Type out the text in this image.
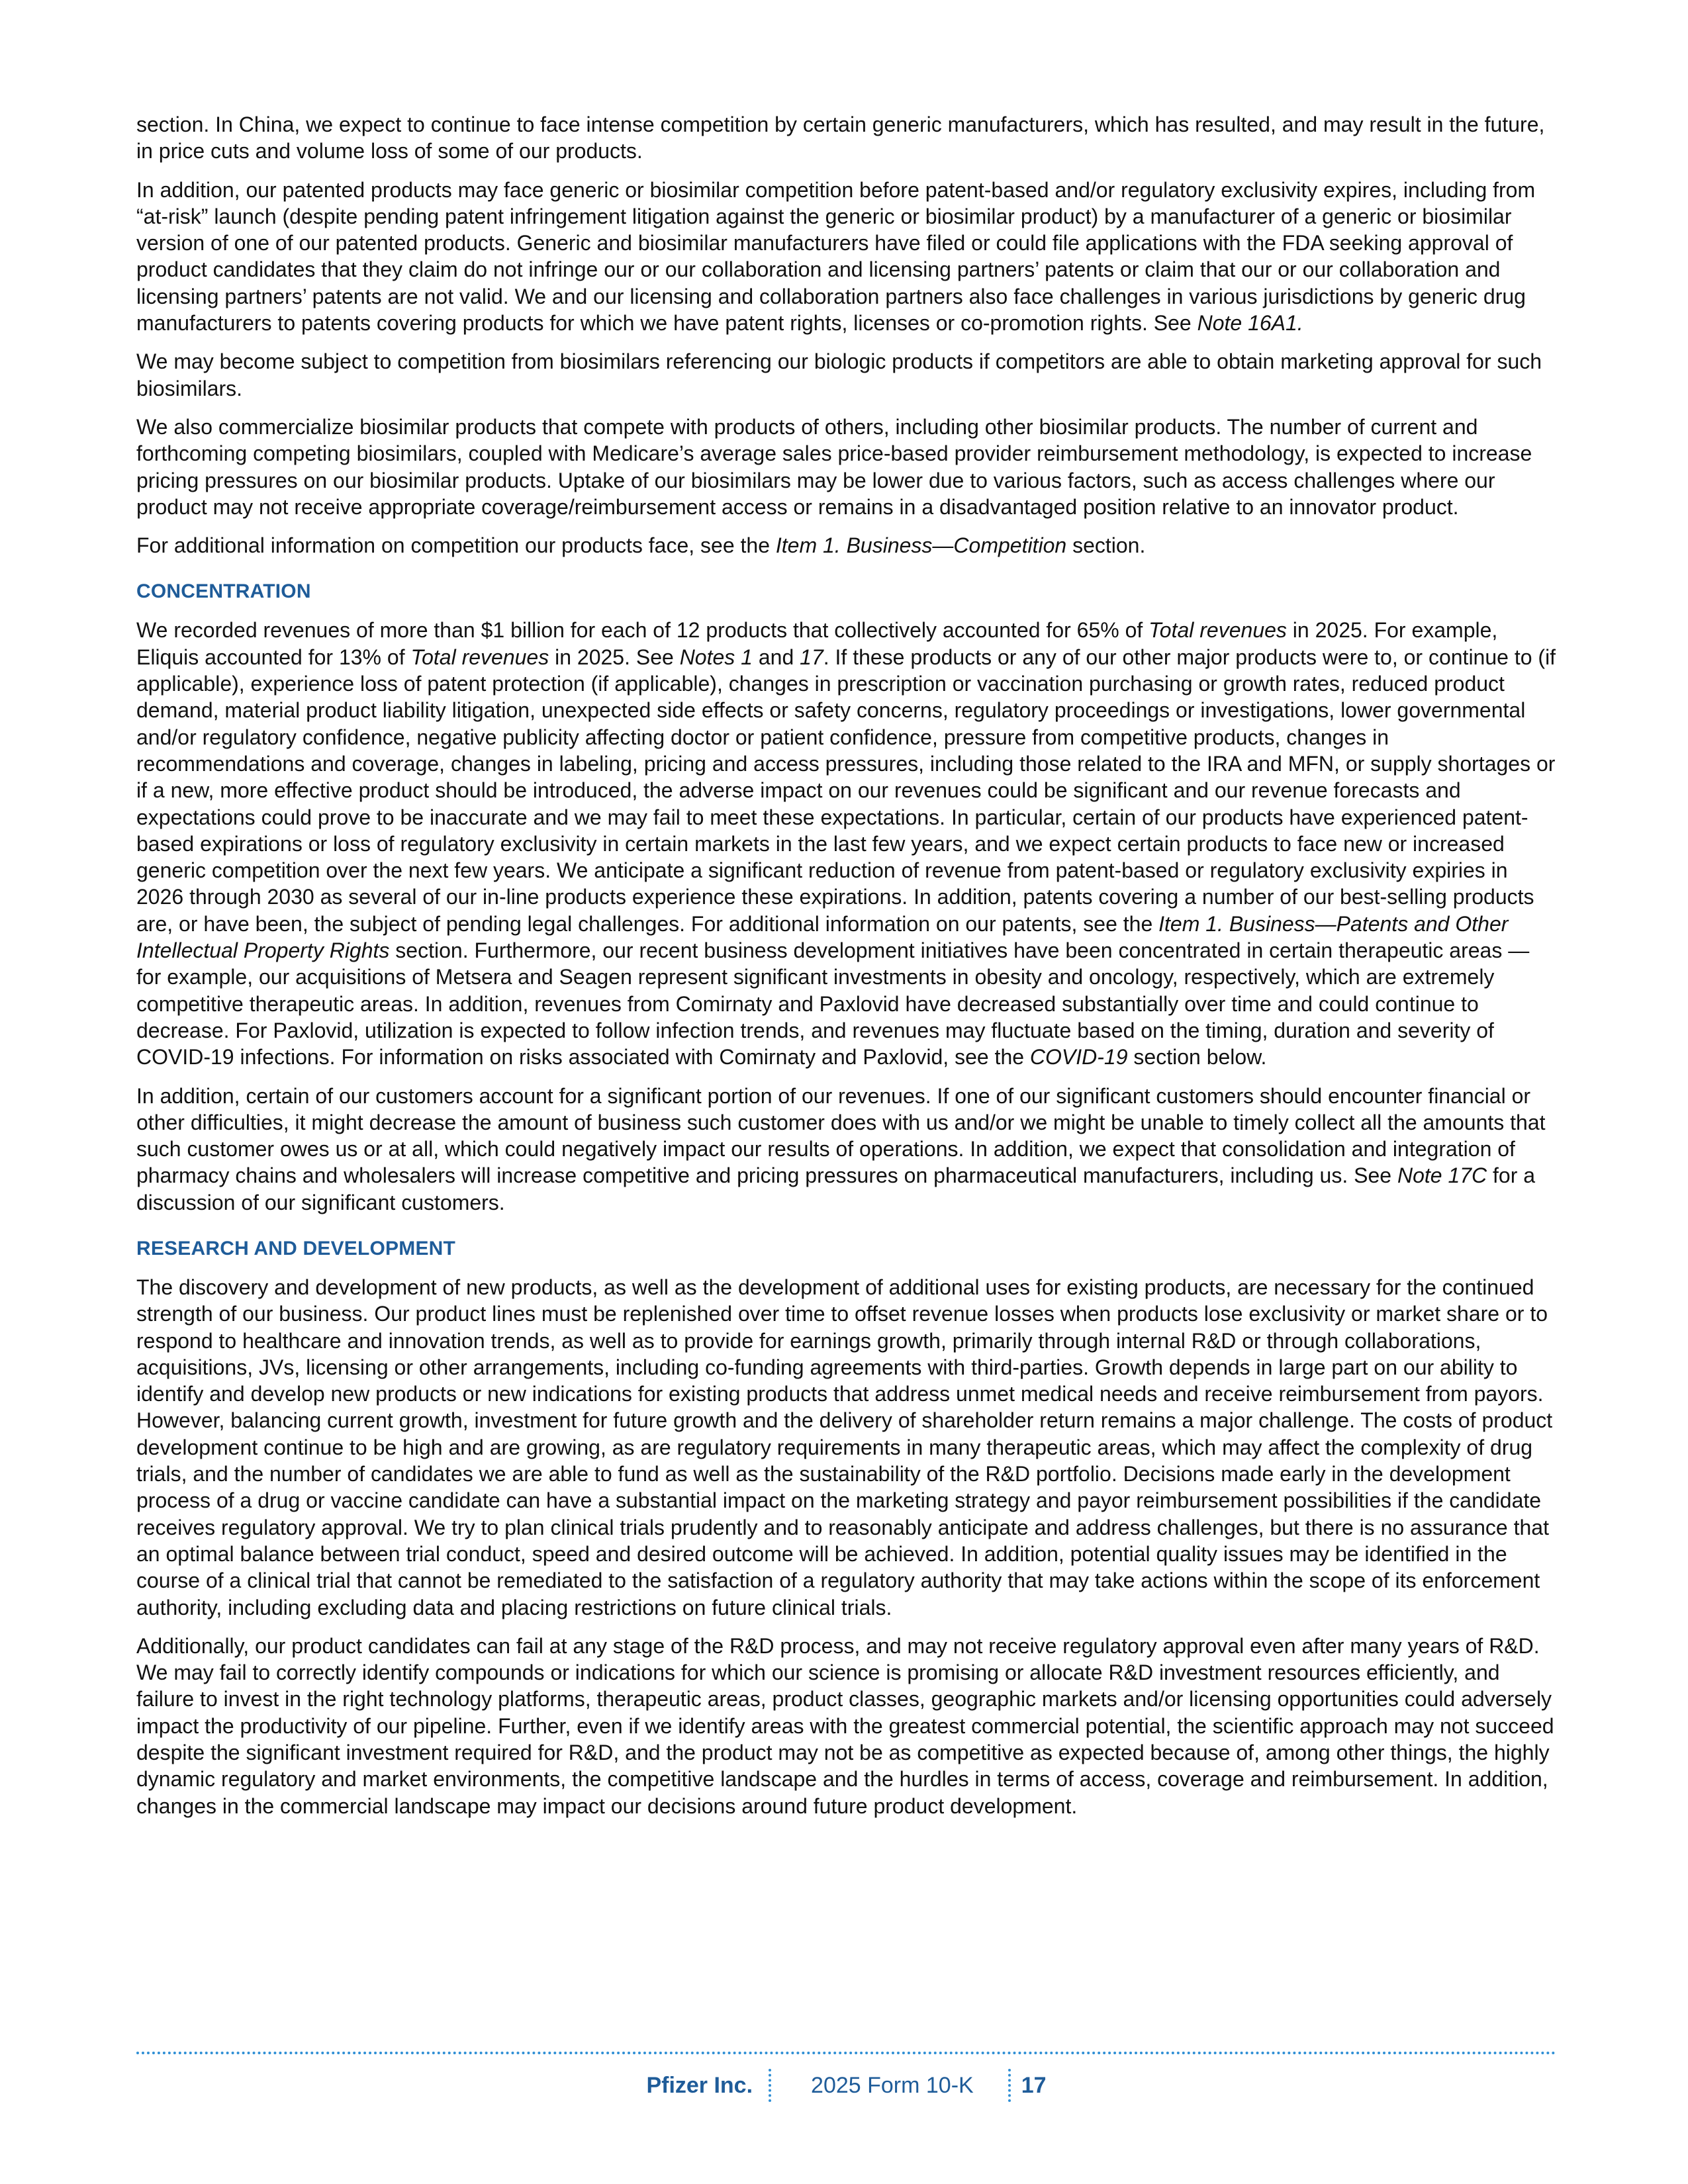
section. In China, we expect to continue to face intense competition by certain generic manufacturers, which has resulted, and may result in the future, in price cuts and volume loss of some of our products.

In addition, our patented products may face generic or biosimilar competition before patent-based and/or regulatory exclusivity expires, including from “at-risk” launch (despite pending patent infringement litigation against the generic or biosimilar product) by a manufacturer of a generic or biosimilar version of one of our patented products. Generic and biosimilar manufacturers have filed or could file applications with the FDA seeking approval of product candidates that they claim do not infringe our or our collaboration and licensing partners’ patents or claim that our or our collaboration and licensing partners’ patents are not valid. We and our licensing and collaboration partners also face challenges in various jurisdictions by generic drug manufacturers to patents covering products for which we have patent rights, licenses or co-promotion rights. See Note 16A1.

We may become subject to competition from biosimilars referencing our biologic products if competitors are able to obtain marketing approval for such biosimilars.

We also commercialize biosimilar products that compete with products of others, including other biosimilar products. The number of current and forthcoming competing biosimilars, coupled with Medicare’s average sales price-based provider reimbursement methodology, is expected to increase pricing pressures on our biosimilar products. Uptake of our biosimilars may be lower due to various factors, such as access challenges where our product may not receive appropriate coverage/reimbursement access or remains in a disadvantaged position relative to an innovator product.

For additional information on competition our products face, see the Item 1. Business—Competition section.

CONCENTRATION

We recorded revenues of more than $1 billion for each of 12 products that collectively accounted for 65% of Total revenues in 2025. For example, Eliquis accounted for 13% of Total revenues in 2025. See Notes 1 and 17. If these products or any of our other major products were to, or continue to (if applicable), experience loss of patent protection (if applicable), changes in prescription or vaccination purchasing or growth rates, reduced product demand, material product liability litigation, unexpected side effects or safety concerns, regulatory proceedings or investigations, lower governmental and/or regulatory confidence, negative publicity affecting doctor or patient confidence, pressure from competitive products, changes in recommendations and coverage, changes in labeling, pricing and access pressures, including those related to the IRA and MFN, or supply shortages or if a new, more effective product should be introduced, the adverse impact on our revenues could be significant and our revenue forecasts and expectations could prove to be inaccurate and we may fail to meet these expectations. In particular, certain of our products have experienced patent-based expirations or loss of regulatory exclusivity in certain markets in the last few years, and we expect certain products to face new or increased generic competition over the next few years. We anticipate a significant reduction of revenue from patent-based or regulatory exclusivity expiries in 2026 through 2030 as several of our in-line products experience these expirations. In addition, patents covering a number of our best-selling products are, or have been, the subject of pending legal challenges. For additional information on our patents, see the Item 1. Business—Patents and Other Intellectual Property Rights section. Furthermore, our recent business development initiatives have been concentrated in certain therapeutic areas — for example, our acquisitions of Metsera and Seagen represent significant investments in obesity and oncology, respectively, which are extremely competitive therapeutic areas. In addition, revenues from Comirnaty and Paxlovid have decreased substantially over time and could continue to decrease. For Paxlovid, utilization is expected to follow infection trends, and revenues may fluctuate based on the timing, duration and severity of COVID-19 infections. For information on risks associated with Comirnaty and Paxlovid, see the COVID-19 section below.

In addition, certain of our customers account for a significant portion of our revenues. If one of our significant customers should encounter financial or other difficulties, it might decrease the amount of business such customer does with us and/or we might be unable to timely collect all the amounts that such customer owes us or at all, which could negatively impact our results of operations. In addition, we expect that consolidation and integration of pharmacy chains and wholesalers will increase competitive and pricing pressures on pharmaceutical manufacturers, including us. See Note 17C for a discussion of our significant customers.

RESEARCH AND DEVELOPMENT

The discovery and development of new products, as well as the development of additional uses for existing products, are necessary for the continued strength of our business. Our product lines must be replenished over time to offset revenue losses when products lose exclusivity or market share or to respond to healthcare and innovation trends, as well as to provide for earnings growth, primarily through internal R&D or through collaborations, acquisitions, JVs, licensing or other arrangements, including co-funding agreements with third-parties. Growth depends in large part on our ability to identify and develop new products or new indications for existing products that address unmet medical needs and receive reimbursement from payors. However, balancing current growth, investment for future growth and the delivery of shareholder return remains a major challenge. The costs of product development continue to be high and are growing, as are regulatory requirements in many therapeutic areas, which may affect the complexity of drug trials, and the number of candidates we are able to fund as well as the sustainability of the R&D portfolio. Decisions made early in the development process of a drug or vaccine candidate can have a substantial impact on the marketing strategy and payor reimbursement possibilities if the candidate receives regulatory approval. We try to plan clinical trials prudently and to reasonably anticipate and address challenges, but there is no assurance that an optimal balance between trial conduct, speed and desired outcome will be achieved. In addition, potential quality issues may be identified in the course of a clinical trial that cannot be remediated to the satisfaction of a regulatory authority that may take actions within the scope of its enforcement authority, including excluding data and placing restrictions on future clinical trials.

Additionally, our product candidates can fail at any stage of the R&D process, and may not receive regulatory approval even after many years of R&D. We may fail to correctly identify compounds or indications for which our science is promising or allocate R&D investment resources efficiently, and failure to invest in the right technology platforms, therapeutic areas, product classes, geographic markets and/or licensing opportunities could adversely impact the productivity of our pipeline. Further, even if we identify areas with the greatest commercial potential, the scientific approach may not succeed despite the significant investment required for R&D, and the product may not be as competitive as expected because of, among other things, the highly dynamic regulatory and market environments, the competitive landscape and the hurdles in terms of access, coverage and reimbursement. In addition, changes in the commercial landscape may impact our decisions around future product development.

Pfizer Inc.	2025 Form 10-K	17
